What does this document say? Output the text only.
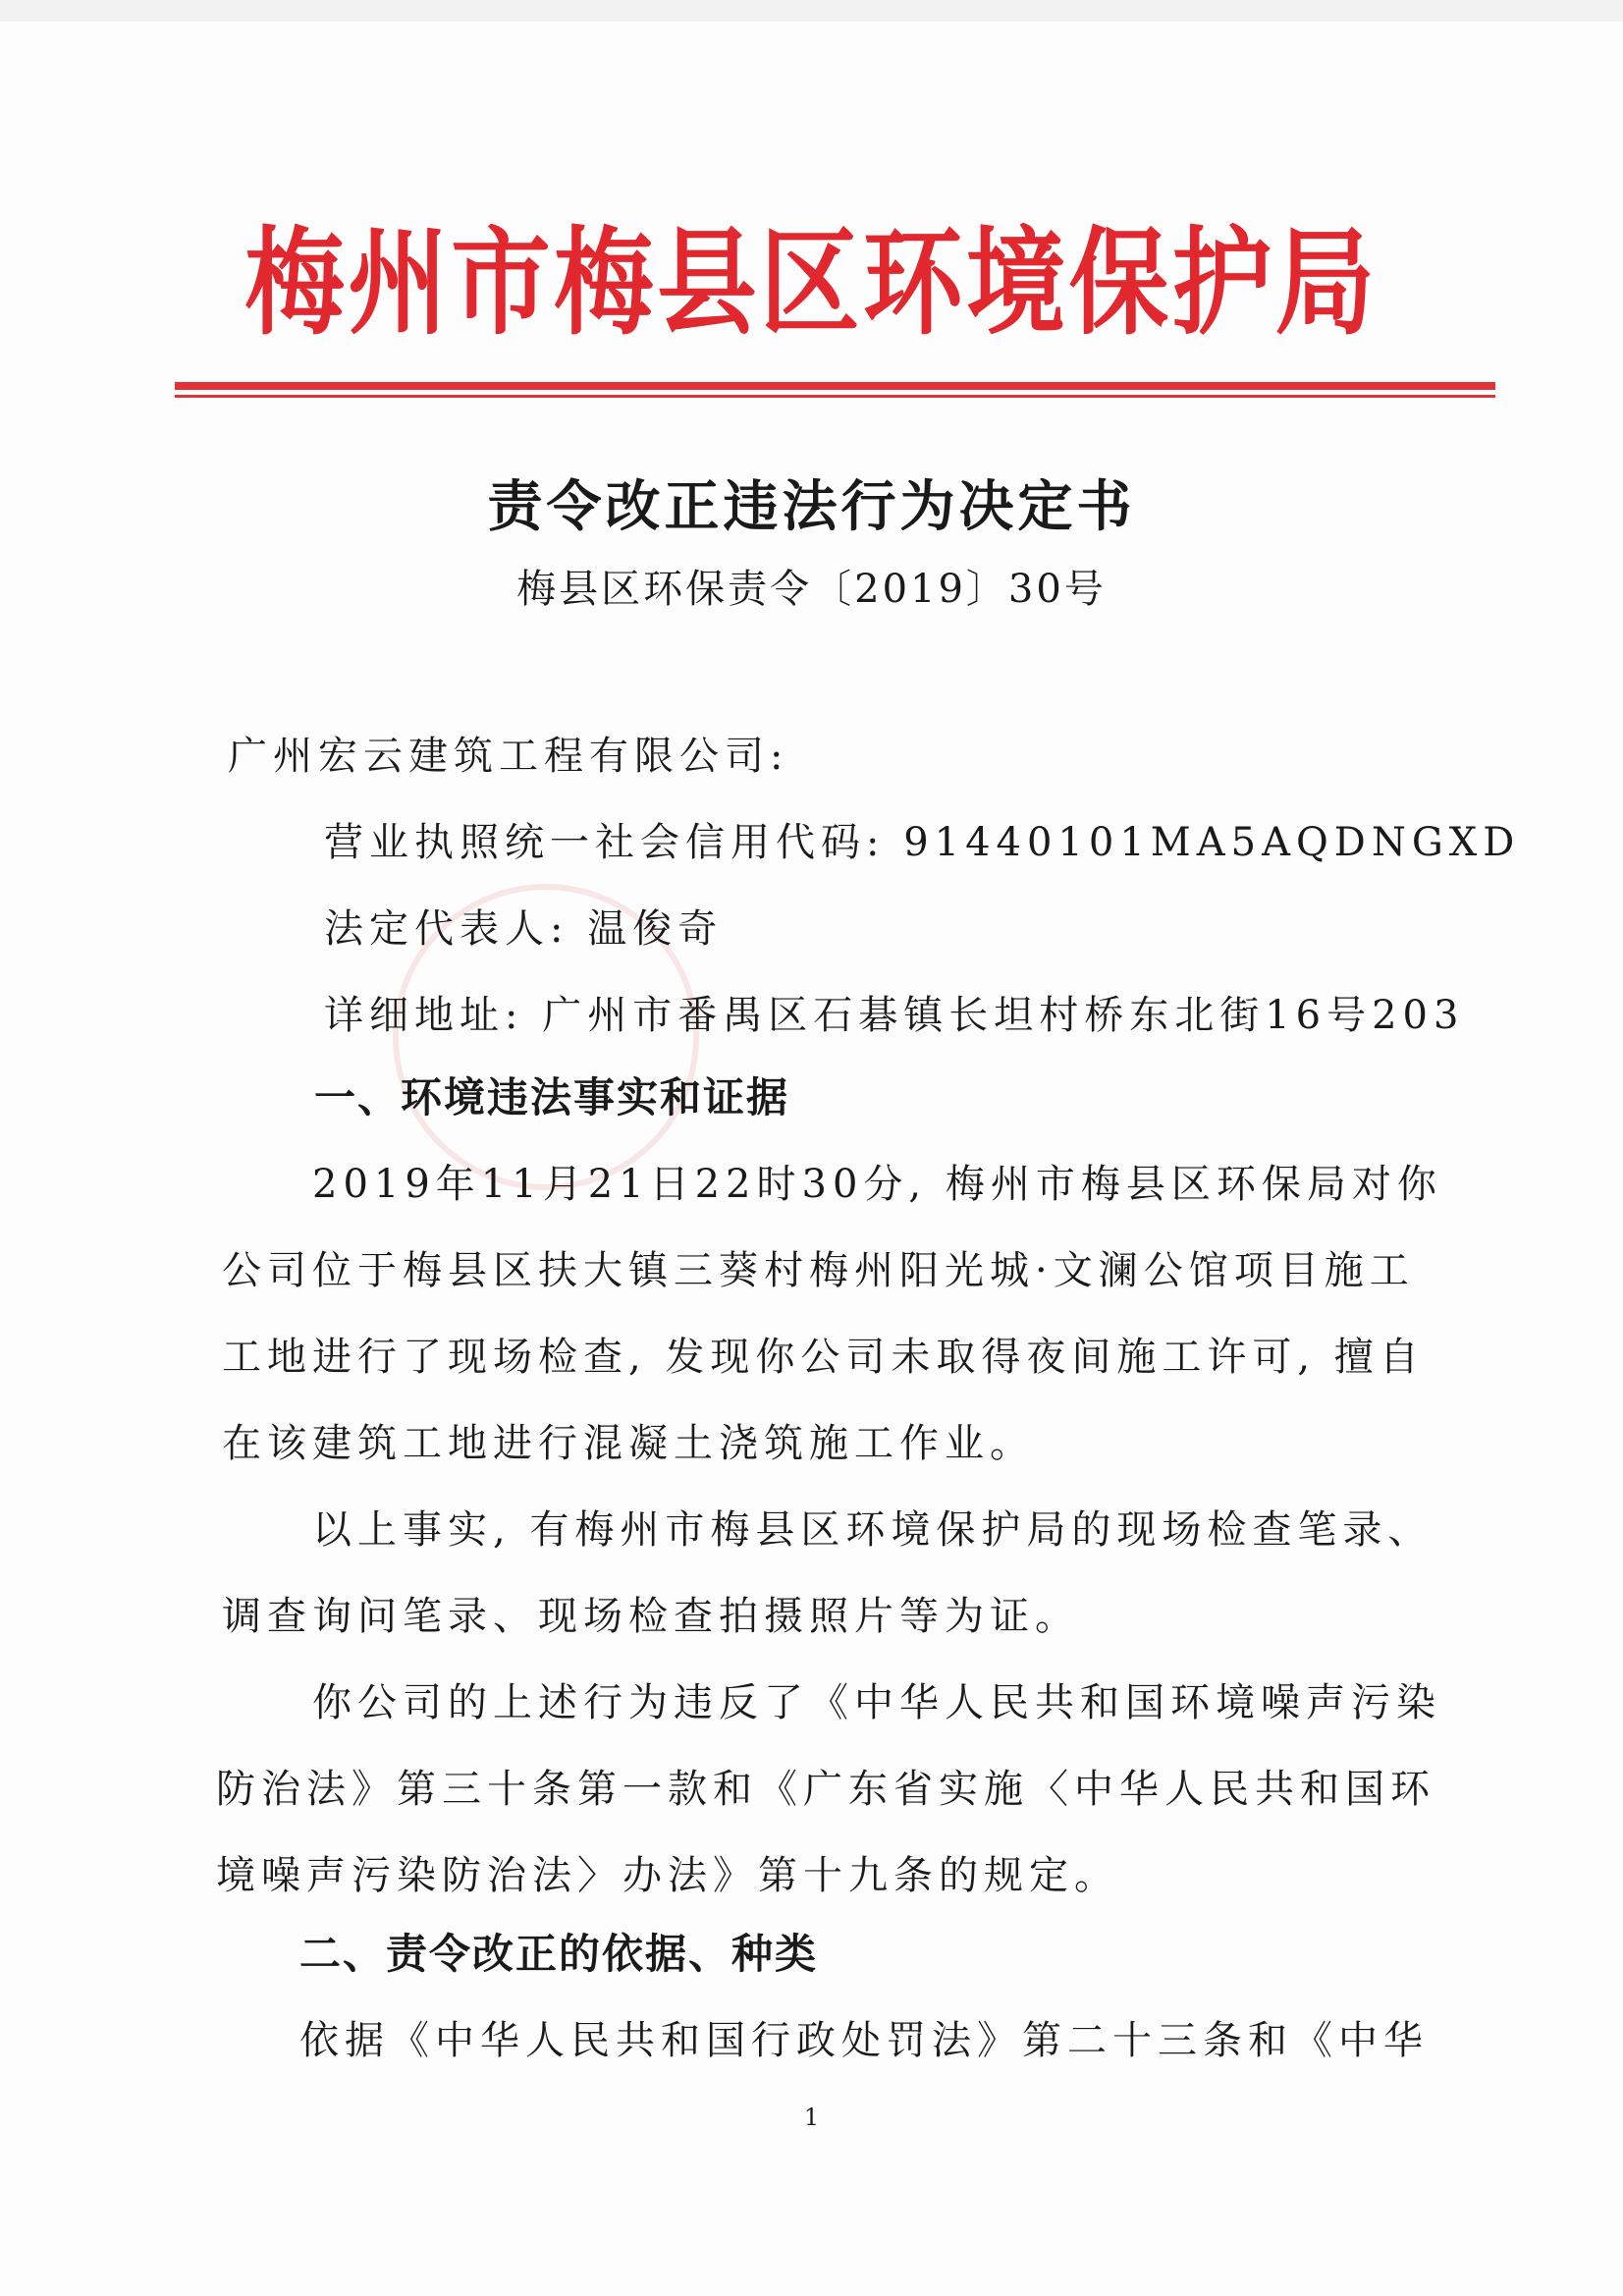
梅州市梅县区环境保护局
责令改正违法行为决定书
梅县区环保责令〔2019〕30号
广州宏云建筑工程有限公司:
营业执照统一社会信用代码: 91440101MA5AQDNGXD
法定代表人: 温俊奇
详细地址: 广州市番禺区石碁镇长坦村桥东北街16号203
一、环境违法事实和证据
2019年11月21日22时30分, 梅州市梅县区环保局对你
公司位于梅县区扶大镇三葵村梅州阳光城·文澜公馆项目施工
工地进行了现场检查, 发现你公司未取得夜间施工许可, 擅自
在该建筑工地进行混凝土浇筑施工作业。
以上事实, 有梅州市梅县区环境保护局的现场检查笔录、
调查询问笔录、现场检查拍摄照片等为证。
你公司的上述行为违反了《中华人民共和国环境噪声污染
防治法》第三十条第一款和《广东省实施〈中华人民共和国环
境噪声污染防治法〉办法》第十九条的规定。
二、责令改正的依据、种类
依据《中华人民共和国行政处罚法》第二十三条和《中华
1
